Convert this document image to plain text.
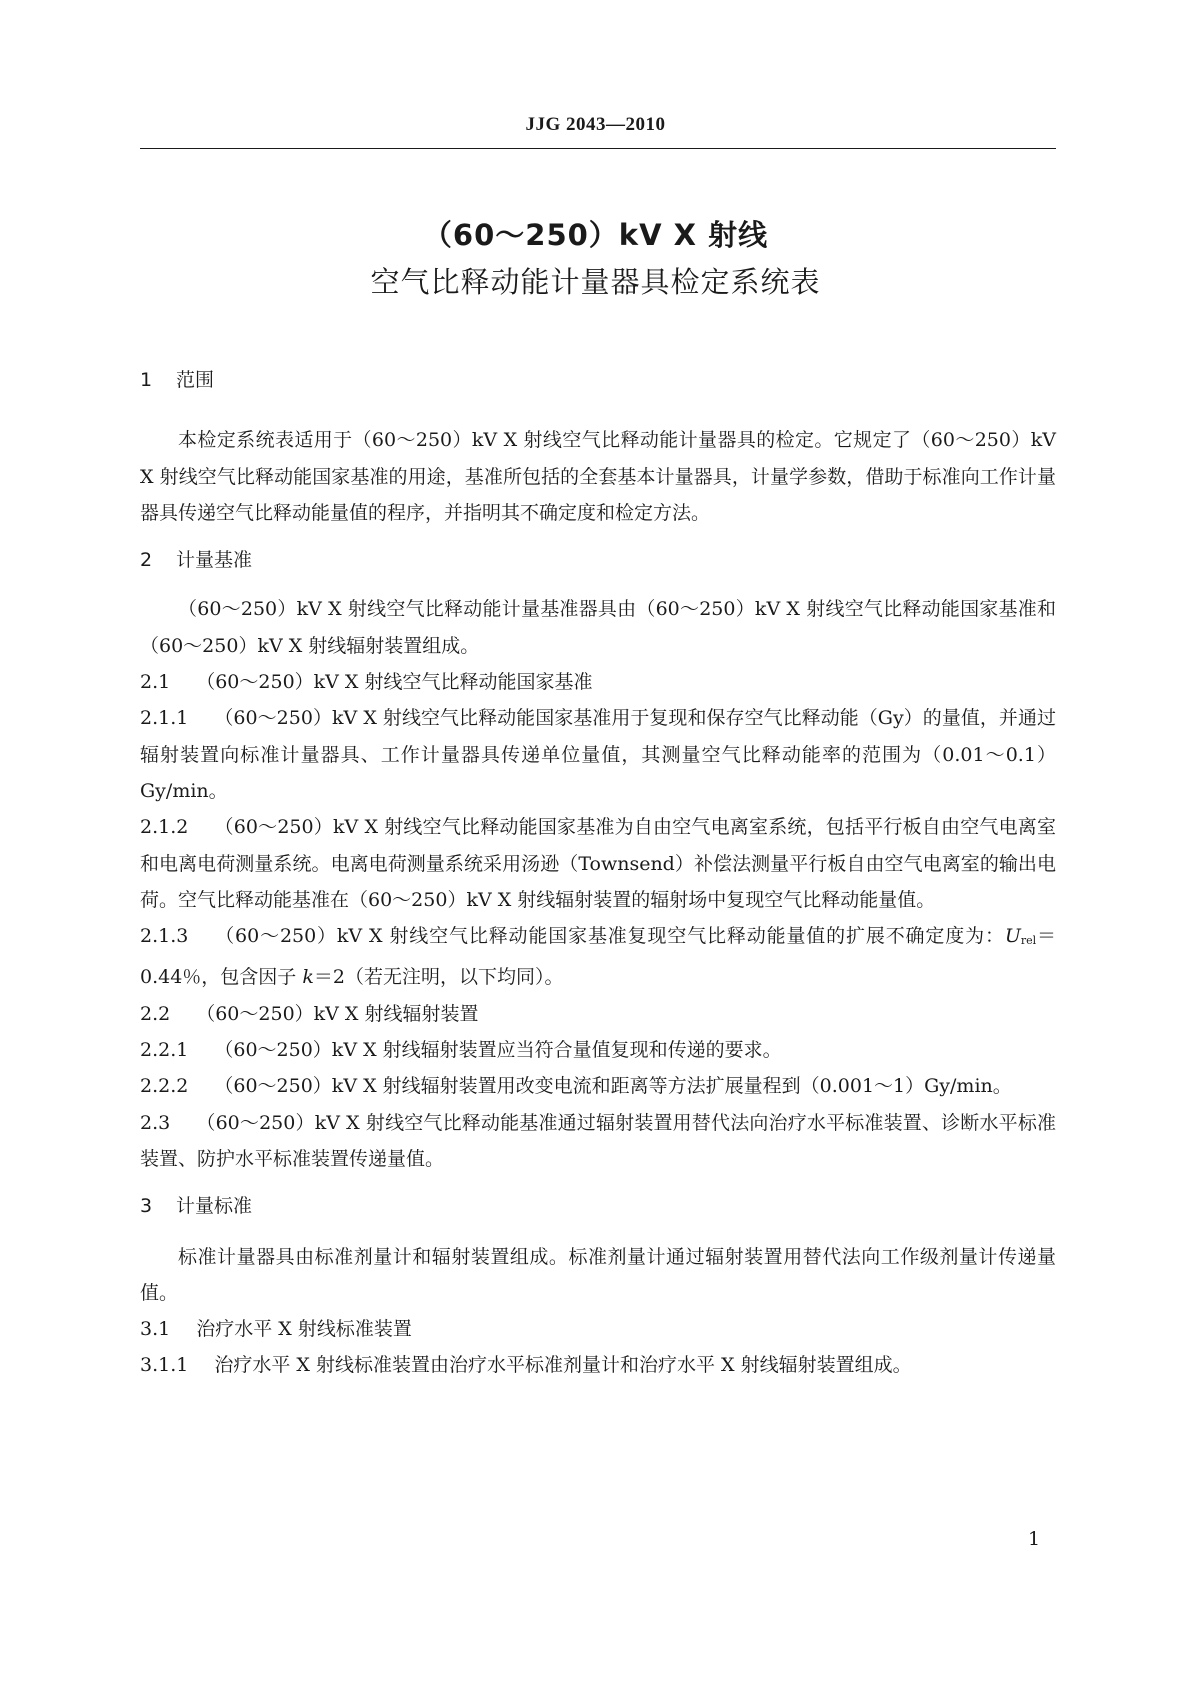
JJG 2043—2010
（60～250）kV X 射线
空气比释动能计量器具检定系统表

1 范围

本检定系统表适用于（60～250）kV X 射线空气比释动能计量器具的检定。它规定了（60～250）kV X 射线空气比释动能国家基准的用途，基准所包括的全套基本计量器具，计量学参数，借助于标准向工作计量器具传递空气比释动能量值的程序，并指明其不确定度和检定方法。

2 计量基准

（60～250）kV X 射线空气比释动能计量基准器具由（60～250）kV X 射线空气比释动能国家基准和（60～250）kV X 射线辐射装置组成。

2.1 （60～250）kV X 射线空气比释动能国家基准

2.1.1 （60～250）kV X 射线空气比释动能国家基准用于复现和保存空气比释动能（Gy）的量值，并通过辐射装置向标准计量器具、工作计量器具传递单位量值，其测量空气比释动能率的范围为（0.01～0.1）Gy/min。

2.1.2 （60～250）kV X 射线空气比释动能国家基准为自由空气电离室系统，包括平行板自由空气电离室和电离电荷测量系统。电离电荷测量系统采用汤逊（Townsend）补偿法测量平行板自由空气电离室的输出电荷。空气比释动能基准在（60～250）kV X 射线辐射装置的辐射场中复现空气比释动能量值。

2.1.3 （60～250）kV X 射线空气比释动能国家基准复现空气比释动能量值的扩展不确定度为：Urel＝0.44％，包含因子 k＝2（若无注明，以下均同）。

2.2 （60～250）kV X 射线辐射装置

2.2.1 （60～250）kV X 射线辐射装置应当符合量值复现和传递的要求。

2.2.2 （60～250）kV X 射线辐射装置用改变电流和距离等方法扩展量程到（0.001～1）Gy/min。

2.3 （60～250）kV X 射线空气比释动能基准通过辐射装置用替代法向治疗水平标准装置、诊断水平标准装置、防护水平标准装置传递量值。

3 计量标准

标准计量器具由标准剂量计和辐射装置组成。标准剂量计通过辐射装置用替代法向工作级剂量计传递量值。

3.1 治疗水平 X 射线标准装置

3.1.1 治疗水平 X 射线标准装置由治疗水平标准剂量计和治疗水平 X 射线辐射装置组成。

1
